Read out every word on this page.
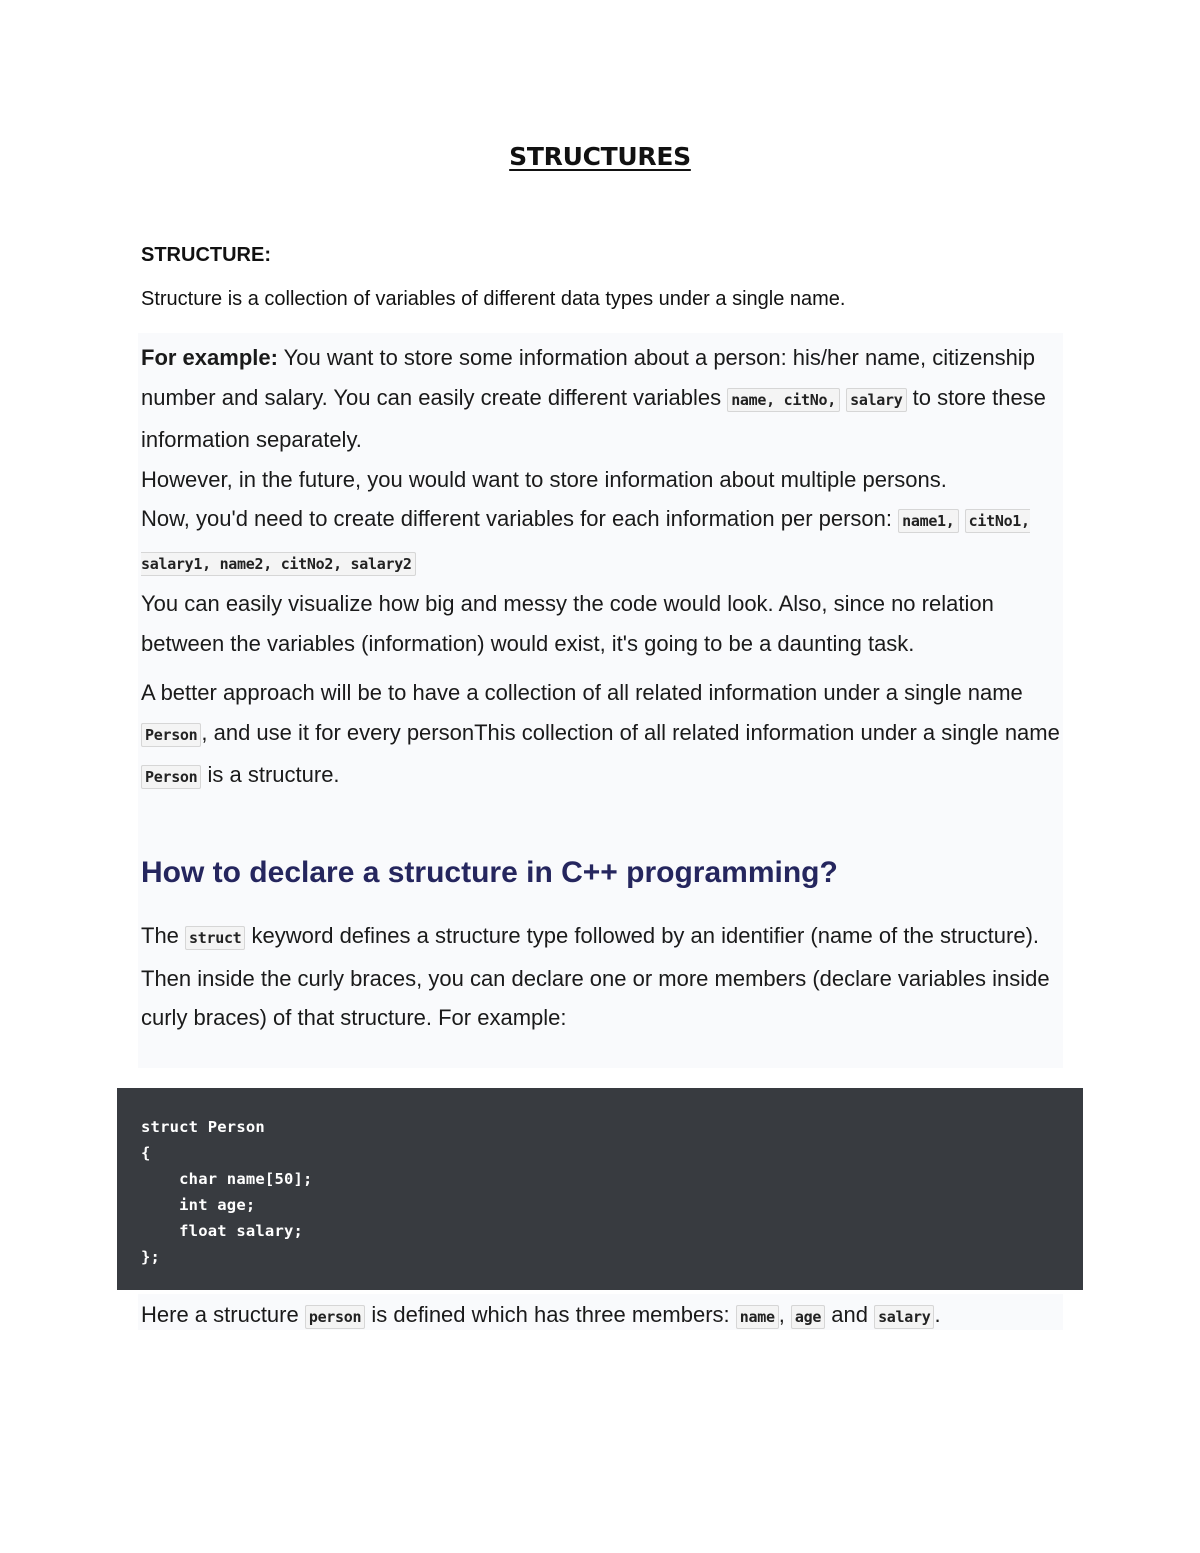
STRUCTURES
STRUCTURE:
Structure is a collection of variables of different data types under a single name.

For example: You want to store some information about a person: his/her name, citizenship number and salary. You can easily create different variables name, citNo, salary to store these information separately.
However, in the future, you would want to store information about multiple persons.
Now, you'd need to create different variables for each information per person: name1, citNo1, salary1, name2, citNo2, salary2
You can easily visualize how big and messy the code would look. Also, since no relation between the variables (information) would exist, it's going to be a daunting task.

A better approach will be to have a collection of all related information under a single name Person , and use it for every personThis collection of all related information under a single name Person is a structure.

How to declare a structure in C++ programming?

The struct keyword defines a structure type followed by an identifier (name of the structure).
Then inside the curly braces, you can declare one or more members (declare variables inside curly braces) of that structure. For example:

struct Person
{
char name[50];
int age;
float salary;
};

Here a structure person is defined which has three members: name , age and salary .
